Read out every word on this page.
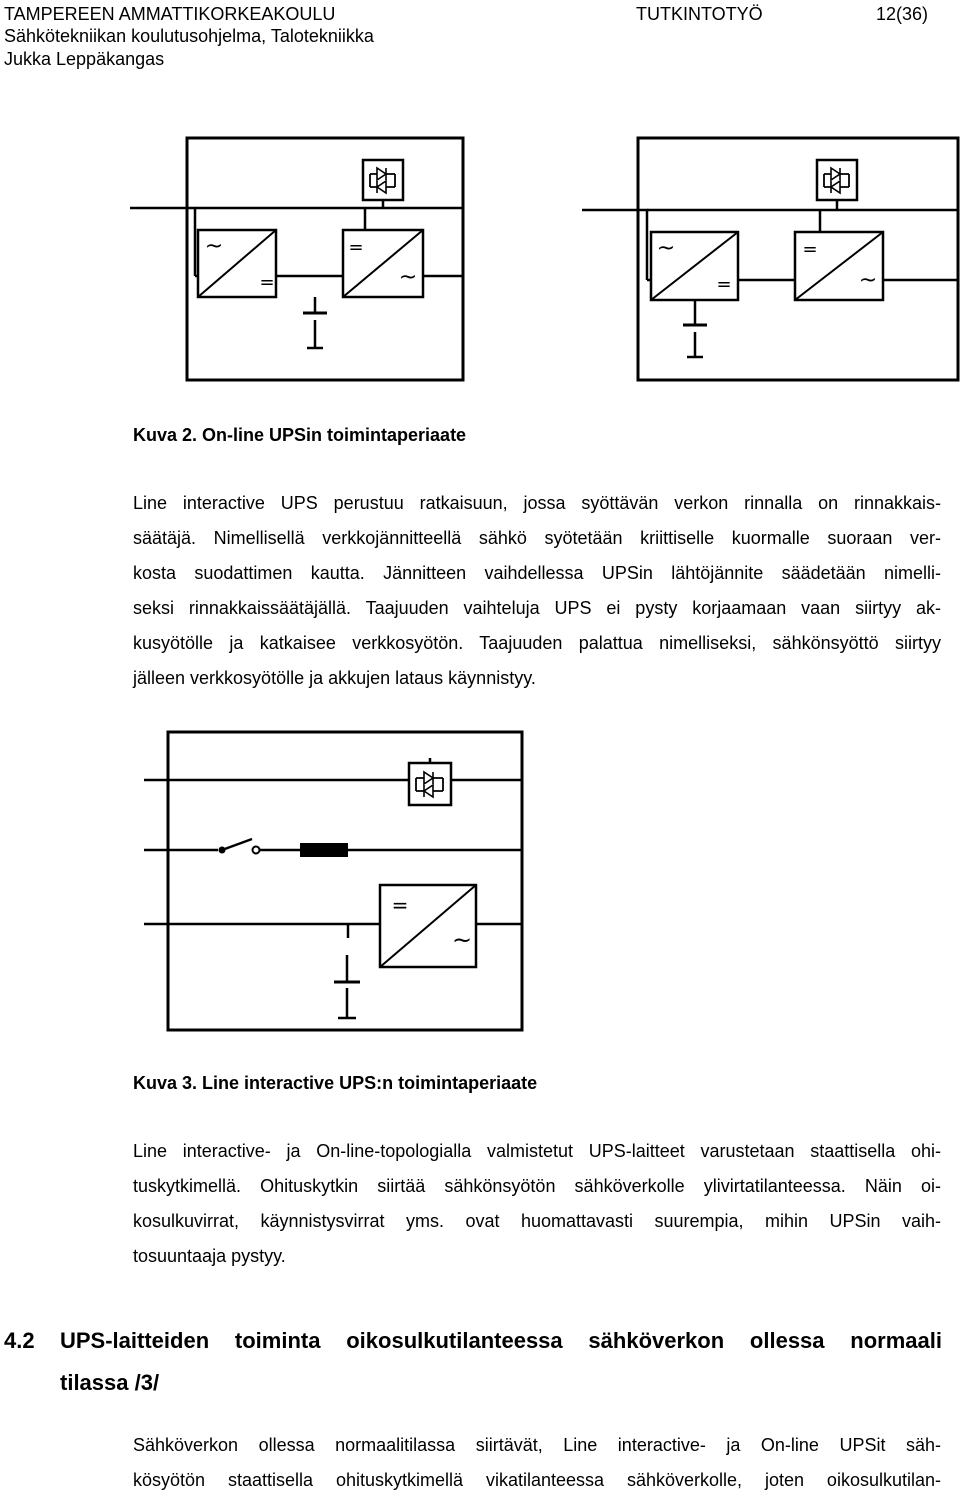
TAMPEREEN AMMATTIKORKEAKOULU
Sähkötekniikan koulutusohjelma, Talotekniikka
Jukka Leppäkangas
TUTKINTOTYÖ	12(36)
~
=
=
~
~
=
=
~
Kuva 2. On-line UPSin toimintaperiaate
Line interactive UPS perustuu ratkaisuun, jossa syöttävän verkon rinnalla on rinnakkais-
säätäjä. Nimellisellä verkkojännitteellä sähkö syötetään kriittiselle kuormalle suoraan ver-
kosta suodattimen kautta. Jännitteen vaihdellessa UPSin lähtöjännite säädetään nimelli-
seksi rinnakkaissäätäjällä. Taajuuden vaihteluja UPS ei pysty korjaamaan vaan siirtyy ak-
kusyötölle ja katkaisee verkkosyötön. Taajuuden palattua nimelliseksi, sähkönsyöttö siirtyy
jälleen verkkosyötölle ja akkujen lataus käynnistyy.
=
~
Kuva 3. Line interactive UPS:n toimintaperiaate
Line interactive- ja On-line-topologialla valmistetut UPS-laitteet varustetaan staattisella ohi-
tuskytkimellä. Ohituskytkin siirtää sähkönsyötön sähköverkolle ylivirtatilanteessa. Näin oi-
kosulkuvirrat, käynnistysvirrat yms. ovat huomattavasti suurempia, mihin UPSin vaih-
tosuuntaaja pystyy.
4.2 UPS-laitteiden toiminta oikosulkutilanteessa sähköverkon ollessa normaali
tilassa /3/
Sähköverkon ollessa normaalitilassa siirtävät, Line interactive- ja On-line UPSit säh-
kösyötön staattisella ohituskytkimellä vikatilanteessa sähköverkolle, joten oikosulkutilan-
